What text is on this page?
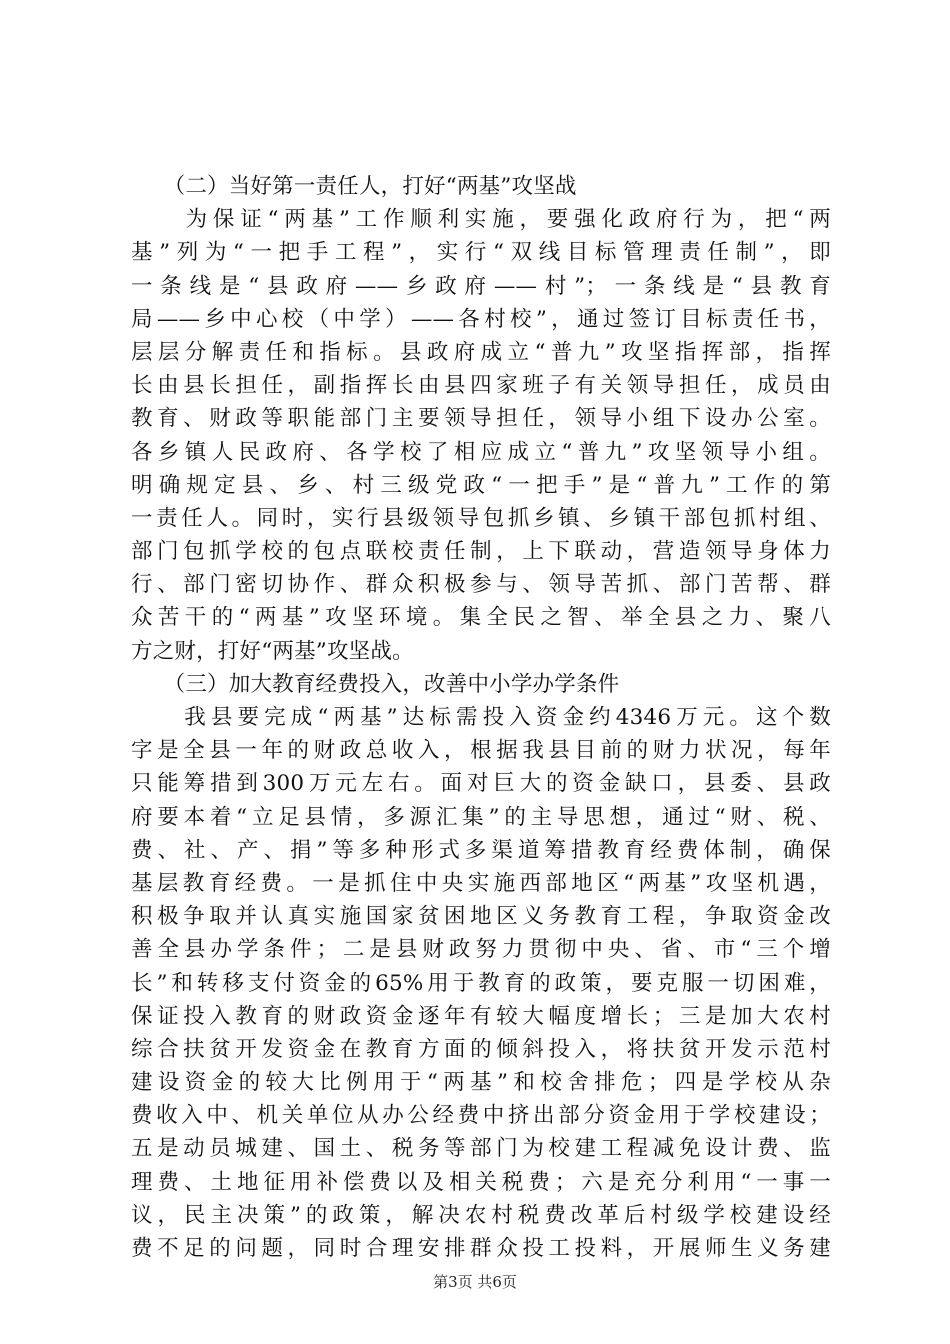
　　（二）当好第一责任人，打好“两基”攻坚战
　　为保证“两基”工作顺利实施，要强化政府行为，把“两
基”列为“一把手工程”，实行“双线目标管理责任制”，即
一条线是“县政府——乡政府——村”；一条线是“县教育
局——乡中心校（中学）——各村校”，通过签订目标责任书，
层层分解责任和指标。县政府成立“普九”攻坚指挥部，指挥
长由县长担任，副指挥长由县四家班子有关领导担任，成员由
教育、财政等职能部门主要领导担任，领导小组下设办公室。
各乡镇人民政府、各学校了相应成立“普九”攻坚领导小组。
明确规定县、乡、村三级党政“一把手”是“普九”工作的第
一责任人。同时，实行县级领导包抓乡镇、乡镇干部包抓村组、
部门包抓学校的包点联校责任制，上下联动，营造领导身体力
行、部门密切协作、群众积极参与、领导苦抓、部门苦帮、群
众苦干的“两基”攻坚环境。集全民之智、举全县之力、聚八
方之财，打好“两基”攻坚战。
　　（三）加大教育经费投入，改善中小学办学条件
　　我县要完成“两基”达标需投入资金约4346万元。这个数
字是全县一年的财政总收入，根据我县目前的财力状况，每年
只能筹措到300万元左右。面对巨大的资金缺口，县委、县政
府要本着“立足县情，多源汇集”的主导思想，通过“财、税、
费、社、产、捐”等多种形式多渠道筹措教育经费体制，确保
基层教育经费。一是抓住中央实施西部地区“两基”攻坚机遇，
积极争取并认真实施国家贫困地区义务教育工程，争取资金改
善全县办学条件；二是县财政努力贯彻中央、省、市“三个增
长”和转移支付资金的65%用于教育的政策，要克服一切困难，
保证投入教育的财政资金逐年有较大幅度增长；三是加大农村
综合扶贫开发资金在教育方面的倾斜投入，将扶贫开发示范村
建设资金的较大比例用于“两基”和校舍排危；四是学校从杂
费收入中、机关单位从办公经费中挤出部分资金用于学校建设；
五是动员城建、国土、税务等部门为校建工程减免设计费、监
理费、土地征用补偿费以及相关税费；六是充分利用“一事一
议，民主决策”的政策，解决农村税费改革后村级学校建设经
费不足的问题，同时合理安排群众投工投料，开展师生义务建
第3页 共6页
